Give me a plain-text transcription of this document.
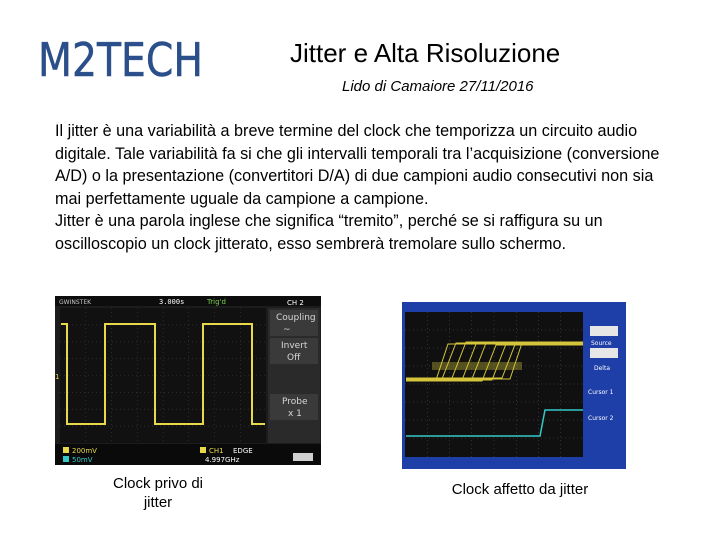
M2TECH	Jitter e Alta Risoluzione
Lido di Camaiore 27/11/2016

Il jitter è una variabilità a breve termine del clock che temporizza un circuito audio digitale. Tale variabilità fa si che gli intervalli temporali tra l’acquisizione (conversione A/D) o la presentazione (convertitori D/A) di due campioni audio consecutivi non sia mai perfettamente uguale da campione a campione.

Jitter è una parola inglese che significa “tremito”, perché se si raffigura su un oscilloscopio un clock jitterato, esso sembrerà tremolare sullo schermo.

GWINSTEK	3.000s	Trig'd
1
CH 2
Coupling
~
Invert
Off
Probe
x 1
200mV
50mV
CH1 EDGE
4.997GHz
Source
Delta
Cursor 1
Cursor 2
Clock privo di jitter
Clock affetto da jitter
